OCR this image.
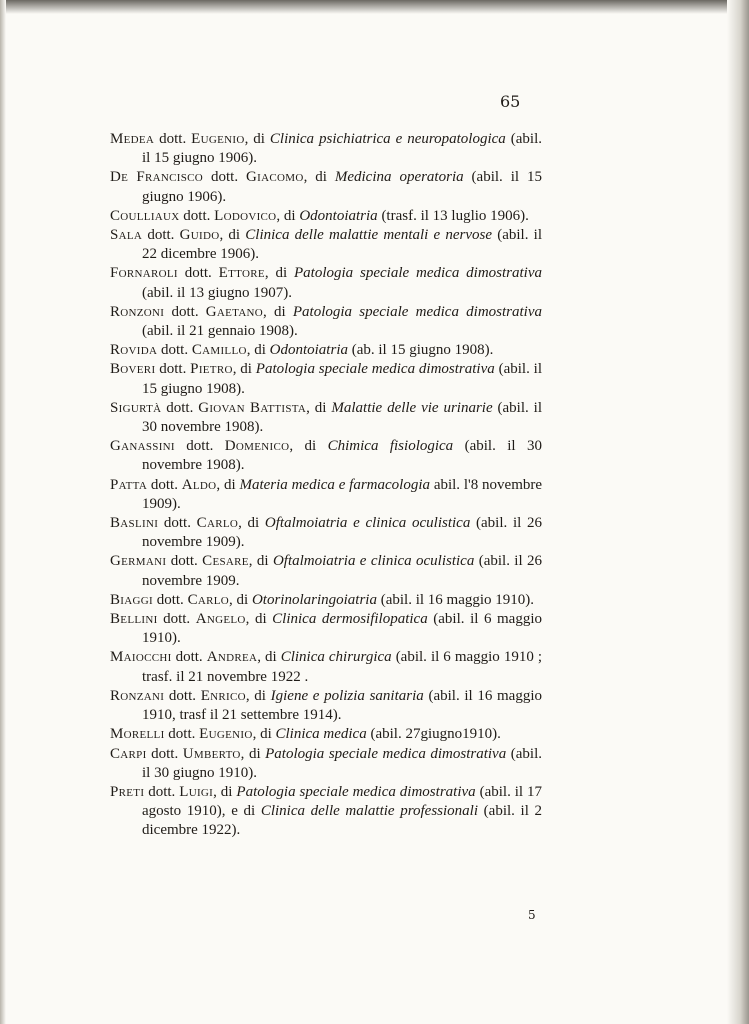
65

Medea dott. Eugenio, di Clinica psichiatrica e neuropatologica (abil. il 15 giugno 1906).

De Francisco dott. Giacomo, di Medicina operatoria (abil. il 15 giugno 1906).

Coulliaux dott. Lodovico, di Odontoiatria (trasf. il 13 luglio 1906).

Sala dott. Guido, di Clinica delle malattie mentali e nervose (abil. il 22 dicembre 1906).

Fornaroli dott. Ettore, di Patologia speciale medica dimostrativa (abil. il 13 giugno 1907).

Ronzoni dott. Gaetano, di Patologia speciale medica dimostrativa (abil. il 21 gennaio 1908).

Rovida dott. Camillo, di Odontoiatria (ab. il 15 giugno 1908).

Boveri dott. Pietro, di Patologia speciale medica dimostrativa (abil. il 15 giugno 1908).

Sigurtà dott. Giovan Battista, di Malattie delle vie urinarie (abil. il 30 novembre 1908).

Ganassini dott. Domenico, di Chimica fisiologica (abil. il 30 novembre 1908).

Patta dott. Aldo, di Materia medica e farmacologia abil. l'8 novembre 1909).

Baslini dott. Carlo, di Oftalmoiatria e clinica oculistica (abil. il 26 novembre 1909).

Germani dott. Cesare, di Oftalmoiatria e clinica oculistica (abil. il 26 novembre 1909.

Biaggi dott. Carlo, di Otorinolaringoiatria (abil. il 16 maggio 1910).

Bellini dott. Angelo, di Clinica dermosifilopatica (abil. il 6 maggio 1910).

Maiocchi dott. Andrea, di Clinica chirurgica (abil. il 6 maggio 1910 ; trasf. il 21 novembre 1922 .

Ronzani dott. Enrico, di Igiene e polizia sanitaria (abil. il 16 maggio 1910, trasf il 21 settembre 1914).

Morelli dott. Eugenio, di Clinica medica (abil. 27giugno1910).

Carpi dott. Umberto, di Patologia speciale medica dimostrativa (abil. il 30 giugno 1910).

Preti dott. Luigi, di Patologia speciale medica dimostrativa (abil. il 17 agosto 1910), e di Clinica delle malattie professionali (abil. il 2 dicembre 1922).

5
